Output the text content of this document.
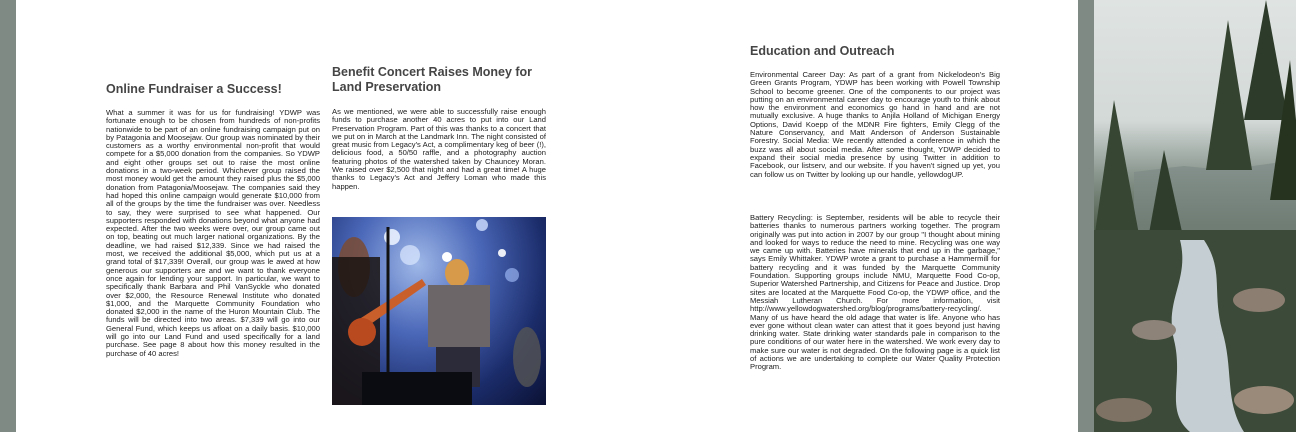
Online Fundraiser a Success!

What a summer it was for us for fundraising! YDWP was fortunate enough to be chosen from hundreds of non-profits nationwide to be part of an online fundraising campaign put on by Patagonia and Moosejaw. Our group was nominated by their customers as a worthy environmental non-profit that would compete for a $5,000 donation from the companies. So YDWP and eight other groups set out to raise the most online donations in a two-week period. Whichever group raised the most money would get the amount they raised plus the $5,000 donation from Patagonia/Moosejaw. The companies said they had hoped this online campaign would generate $10,000 from all of the groups by the time the fundraiser was over. Needless to say, they were surprised to see what happened. Our supporters responded with donations beyond what anyone had expected. After the two weeks were over, our group came out on top, beating out much larger national organizations. By the deadline, we had raised $12,339. Since we had raised the most, we received the additional $5,000, which put us at a grand total of $17,339! Overall, our group was le awed at how generous our supporters are and we want to thank everyone once again for lending your support. In particular, we want to specifically thank Barbara and Phil VanSyckle who donated over $2,000, the Resource Renewal Institute who donated $1,000, and the Marquette Community Foundation who donated $2,000 in the name of the Huron Mountain Club. The funds will be directed into two areas. $7,339 will go into our General Fund, which keeps us afloat on a daily basis. $10,000 will go into our Land Fund and used specifically for a land purchase. See page 8 about how this money resulted in the purchase of 40 acres!

Benefit Concert Raises Money for Land Preservation

As we mentioned, we were able to successfully raise enough funds to purchase another 40 acres to put into our Land Preservation Program. Part of this was thanks to a concert that we put on in March at the Landmark Inn. The night consisted of great music from Legacy's Act, a complimentary keg of beer (!), delicious food, a 50/50 raffle, and a photography auction featuring photos of the watershed taken by Chauncey Moran. We raised over $2,500 that night and had a great time! A huge thanks to Legacy's Act and Jeffery Loman who made this happen.

Education and Outreach

Environmental Career Day: As part of a grant from Nickelodeon's Big Green Grants Program, YDWP has been working with Powell Township School to become greener. One of the components to our project was putting on an environmental career day to encourage youth to think about how the environment and economics go hand in hand and are not mutually exclusive. A huge thanks to Anjila Holland of Michigan Energy Options, David Koepp of the MDNR Fire fighters, Emily Clegg of the Nature Conservancy, and Matt Anderson of Anderson Sustainable Forestry. Social Media: We recently attended a conference in which the buzz was all about social media. After some thought, YDWP decided to expand their social media presence by using Twitter in addition to Facebook, our listserv, and our website. If you haven't signed up yet, you can follow us on Twitter by looking up our handle, yellowdogUP.

Battery Recycling: is September, residents will be able to recycle their batteries thanks to numerous partners working together. The program originally was put into action in 2007 by our group "I thought about mining and looked for ways to reduce the need to mine. Recycling was one way we came up with. Batteries have minerals that end up in the garbage," says Emily Whittaker. YDWP wrote a grant to purchase a Hammermill for battery recycling and it was funded by the Marquette Community Foundation. Supporting groups include NMU, Marquette Food Co-op, Superior Watershed Partnership, and Citizens for Peace and Justice. Drop sites are located at the Marquette Food Co-op, the YDWP office, and the Messiah Lutheran Church. For more information, visit http://www.yellowdogwatershed.org/blog/programs/battery-recycling/. Many of us have heard the old adage that water is life. Anyone who has ever gone without clean water can attest that it goes beyond just having drinking water. State drinking water standards pale in comparison to the pure conditions of our water here in the watershed. We work every day to make sure our water is not degraded. On the following page is a quick list of actions we are undertaking to complete our Water Quality Protection Program.
